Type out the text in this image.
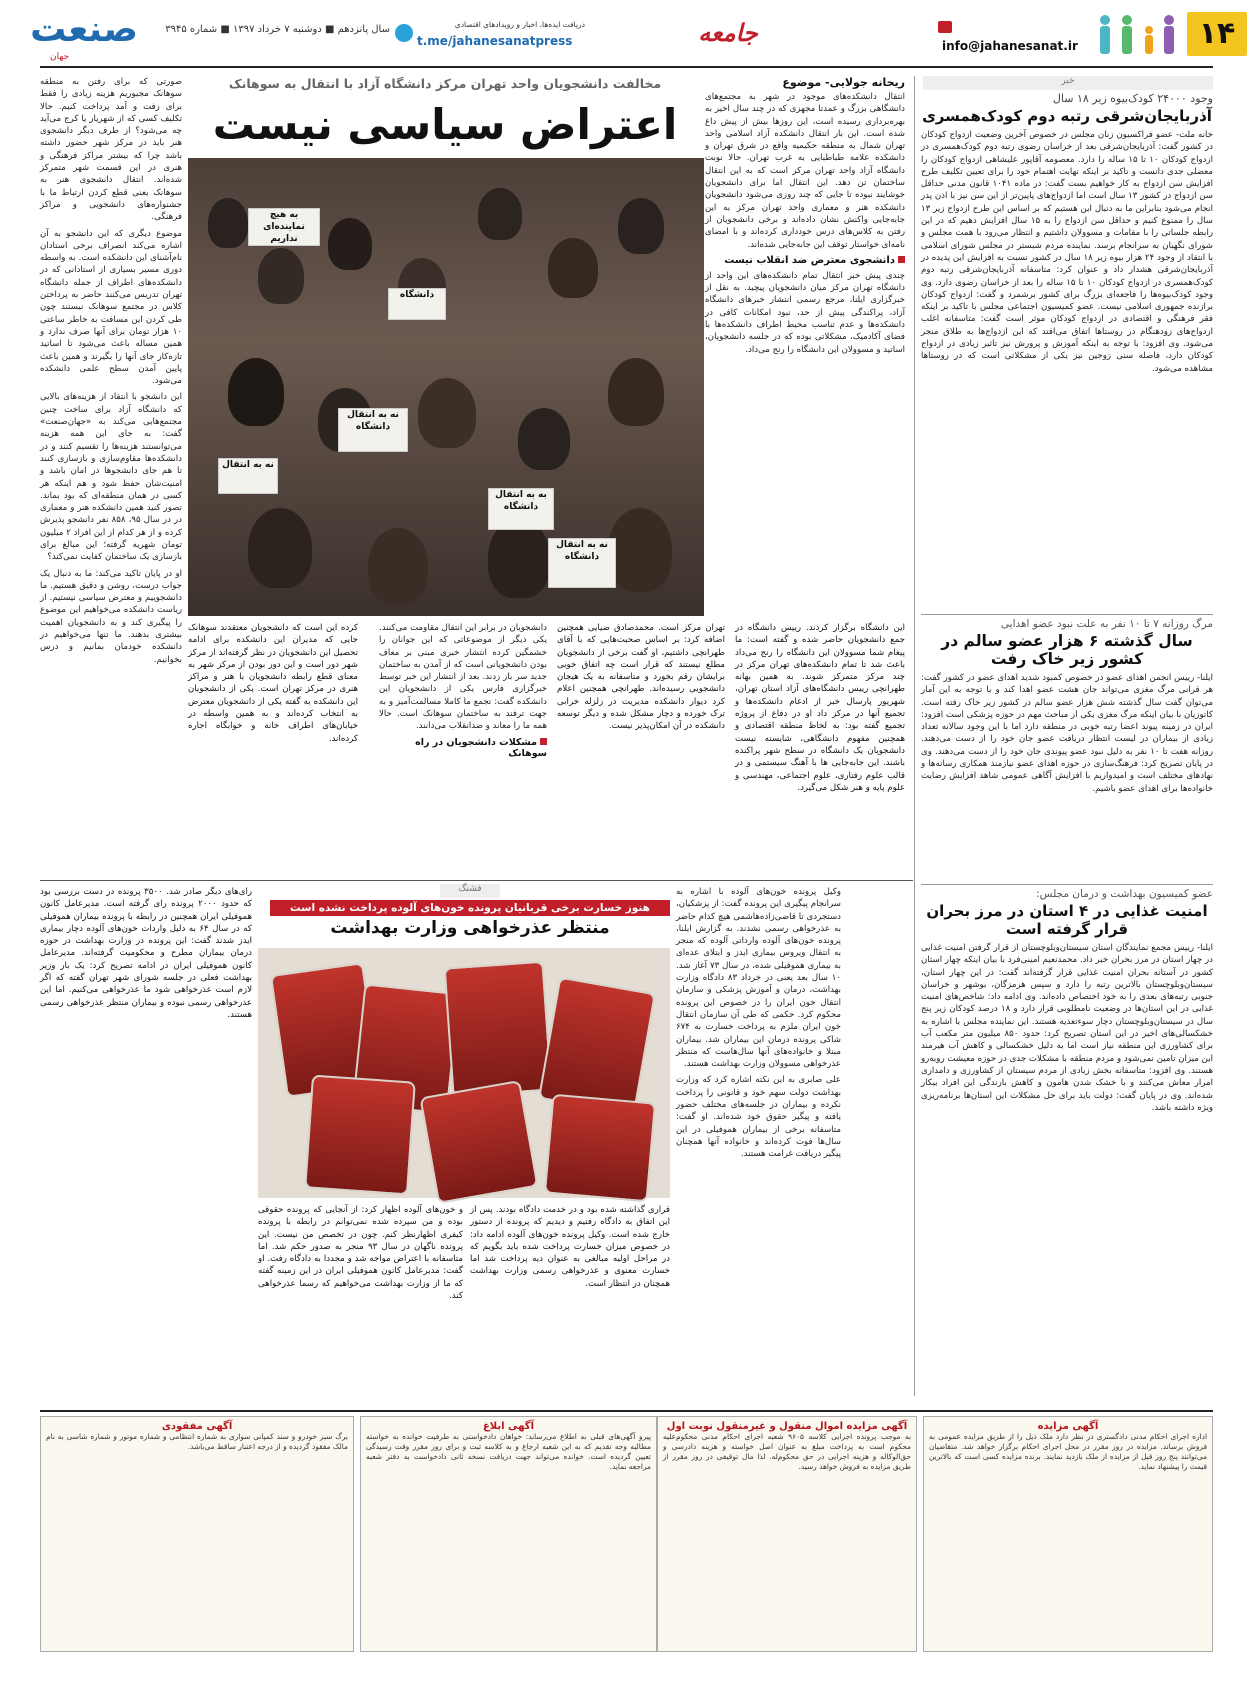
۱۴
info@jahanesanat.ir
جامعه
دریافت ایده‌ها، اخبار و رویدادهای اقتصادی
t.me/jahanesanatpress
سال پانزدهم ■ دوشنبه ۷ خرداد ۱۳۹۷ ■ شماره ۳۹۴۵
صنعت
جهان
خبر
وجود ۲۴۰۰۰ کودک‌بیوه زیر ۱۸ سال
آذربایجان‌شرقی رتبه دوم کودک‌همسری
خانه ملت- عضو فراکسیون زنان مجلس در خصوص آخرین وضعیت ازدواج کودکان در کشور گفت: آذربایجان‌شرقی بعد از خراسان رضوی رتبه دوم کودک‌همسری در ازدواج کودکان ۱۰ تا ۱۵ ساله را دارد. معصومه آقاپور علیشاهی ازدواج کودکان را معضلی جدی دانست و تاکید بر اینکه نهایت اهتمام خود را برای تعیین تکلیف طرح افزایش سن ازدواج به کار خواهیم بست گفت: در ماده ۱۰۴۱ قانون مدنی حداقل سن ازدواج در کشور ۱۳ سال است اما ازدواج‌های پایین‌تر از این سن نیز با اذن پدر انجام می‌شود بنابراین ما به دنبال این هستیم که بر اساس این طرح ازدواج زیر ۱۳ سال را ممنوع کنیم و حداقل سن ازدواج را به ۱۵ سال افزایش دهیم که در این رابطه جلساتی را با مقامات و مسوولان داشتیم و انتظار می‌رود با همت مجلس و شورای نگهبان به سرانجام برسد. نماینده مردم شبستر در مجلس شورای اسلامی با انتقاد از وجود ۲۴ هزار بیوه زیر ۱۸ سال در کشور نسبت به افزایش این پدیده در آذربایجان‌شرقی هشدار داد و عنوان کرد: متاسفانه آذربایجان‌شرقی رتبه دوم کودک‌همسری در ازدواج کودکان ۱۰ تا ۱۵ ساله را بعد از خراسان رضوی دارد. وی وجود کودک‌بیوه‌ها را فاجعه‌ای بزرگ برای کشور برشمرد و گفت: ازدواج کودکان برازنده جمهوری اسلامی نیست. عضو کمیسیون اجتماعی مجلس با تاکید بر اینکه فقر فرهنگی و اقتصادی در ازدواج کودکان موثر است گفت: متاسفانه اغلب ازدواج‌های زودهنگام در روستاها اتفاق می‌افتد که این ازدواج‌ها به طلاق منجر می‌شود. وی افزود: با توجه به اینکه آموزش و پرورش نیز تاثیر زیادی در ازدواج کودکان دارد، فاصله سنی زوجین نیز یکی از مشکلاتی است که در روستاها مشاهده می‌شود.
مرگ روزانه ۷ تا ۱۰ نفر به علت نبود عضو اهدایی
سال گذشته ۶ هزار عضو سالم در کشور زیر خاک رفت
ایلنا- رییس انجمن اهدای عضو در خصوص کمبود شدید اهدای عضو در کشور گفت: هر قرانی مرگ مغزی می‌تواند جان هشت عضو اهدا کند و با توجه به این آمار می‌توان گفت سال گذشته شش هزار عضو سالم در کشور زیر خاک رفته است. کاتوزیان با بیان اینکه مرگ مغزی یکی از مباحث مهم در حوزه پزشکی است افزود: ایران در زمینه پیوند اعضا رتبه خوبی در منطقه دارد اما با این وجود سالانه تعداد زیادی از بیماران در لیست انتظار دریافت عضو جان خود را از دست می‌دهند. روزانه هفت تا ۱۰ نفر به دلیل نبود عضو پیوندی جان خود را از دست می‌دهند. وی در پایان تصریح کرد: فرهنگ‌سازی در حوزه اهدای عضو نیازمند همکاری رسانه‌ها و نهادهای مختلف است و امیدواریم با افزایش آگاهی عمومی شاهد افزایش رضایت خانواده‌ها برای اهدای عضو باشیم.
عضو کمیسیون بهداشت و درمان مجلس:
امنیت غذایی در ۴ استان در مرز بحران قرار گرفته است
ایلنا- رییس مجمع نمایندگان استان سیستان‌وبلوچستان از قرار گرفتن امنیت غذایی در چهار استان در مرز بحران خبر داد. محمدنعیم امینی‌فرد با بیان اینکه چهار استان کشور در آستانه بحران امنیت غذایی قرار گرفته‌اند گفت: در این چهار استان، سیستان‌وبلوچستان بالاترین رتبه را دارد و سپس هرمزگان، بوشهر و خراسان جنوبی رتبه‌های بعدی را به خود اختصاص داده‌اند. وی ادامه داد: شاخص‌های امنیت غذایی در این استان‌ها در وضعیت نامطلوبی قرار دارد و ۱۸ درصد کودکان زیر پنج سال در سیستان‌وبلوچستان دچار سوءتغذیه هستند. این نماینده مجلس با اشاره به خشکسالی‌های اخیر در این استان تصریح کرد: حدود ۸۵۰ میلیون متر مکعب آب برای کشاورزی این منطقه نیاز است اما به دلیل خشکسالی و کاهش آب هیرمند این میزان تامین نمی‌شود و مردم منطقه با مشکلات جدی در حوزه معیشت روبه‌رو هستند. وی افزود: متاسفانه بخش زیادی از مردم سیستان از کشاورزی و دامداری امرار معاش می‌کنند و با خشک شدن هامون و کاهش بارندگی این افراد بیکار شده‌اند. وی در پایان گفت: دولت باید برای حل مشکلات این استان‌ها برنامه‌ریزی ویژه داشته باشد.
مخالفت دانشجویان واحد تهران مرکز دانشگاه آزاد با انتقال به سوهانک
اعتراض سیاسی نیست
ریحانه جولایی- موضوع
انتقال دانشکده‌های موجود در شهر به مجتمع‌های دانشگاهی بزرگ و عمدتا مجهزی که در چند سال اخیر به بهره‌برداری رسیده است، این روزها بیش از پیش داغ شده است. این بار انتقال دانشکده آزاد اسلامی واحد تهران شمال به منطقه حکیمیه واقع در شرق تهران و دانشکده علامه طباطبایی به غرب تهران. حالا نوبت دانشگاه آزاد واحد تهران مرکز است که به این انتقال ساختمان تن دهد. این انتقال اما برای دانشجویان خوشایند نبوده تا جایی که چند روزی می‌شود دانشجویان دانشکده هنر و معماری واحد تهران مرکز به این جابه‌جایی واکنش نشان داده‌اند و برخی دانشجویان از رفتن به کلاس‌های درس خودداری کرده‌اند و با امضای نامه‌ای خواستار توقف این جابه‌جایی شده‌اند.
دانشجوی معترض ضد انقلاب نیست
چندی پیش خبر انتقال تمام دانشکده‌های این واحد از دانشگاه تهران مرکز میان دانشجویان پیچید. به نقل از خبرگزاری ایلنا، مرجع رسمی انتشار خبرهای دانشگاه آزاد، پراکندگی پیش از حد، نبود امکانات کافی در دانشکده‌ها و عدم تناسب محیط اطراف دانشکده‌ها با فضای آکادمیک، مشکلاتی بوده که در جلسه دانشجویان، اساتید و مسوولان این دانشگاه را رنج می‌داد.
نه به انتقال دانشگاه
به هیچ نماینده‌ای نداریم
نه به انتقال
به به انتقال دانشگاه
دانشگاه
نه به انتقال دانشگاه
صورتی که برای رفتن به منطقه سوهانک مجبوریم هزینه زیادی را فقط برای رفت و آمد پرداخت کنیم. حالا تکلیف کسی که از شهریار یا کرج می‌آید چه می‌شود؟ از طرف دیگر دانشجوی هنر باید در مرکز شهر حضور داشته باشد چرا که بیشتر مراکز فرهنگی و هنری در این قسمت شهر متمرکز شده‌اند. انتقال دانشجوی هنر به سوهانک یعنی قطع کردن ارتباط ما با جشنواره‌های دانشجویی و مراکز فرهنگی.
موضوع دیگری که این دانشجو به آن اشاره می‌کند انصراف برخی استادان نام‌آشنای این دانشکده است. به واسطه دوری مسیر بسیاری از استادانی که در دانشکده‌های اطراف از جمله دانشگاه تهران تدریس می‌کنند حاضر به پرداختن کلاس در مجتمع سوهانک نیستند چون طی کردن این مسافت به خاطر ساعتی ۱۰ هزار تومان برای آنها صرف ندارد و همین مساله باعث می‌شود تا اساتید تازه‌کار جای آنها را بگیرند و همین باعث پایین آمدن سطح علمی دانشکده می‌شود.
این دانشجو با انتقاد از هزینه‌های بالایی که دانشگاه آزاد برای ساخت چنین مجتمع‌هایی می‌کند به «جهان‌صنعت» گفت: به جای این همه هزینه می‌توانستند هزینه‌ها را تقسیم کنند و در دانشکده‌ها مقاوم‌سازی و بازسازی کنند تا هم جای دانشجوها در امان باشد و امنیت‌شان حفظ شود و هم اینکه هر کسی در همان منطقه‌ای که بود بماند. تصور کنید همین دانشکده هنر و معماری در در سال ۹۵، ۸۵۸ نفر دانشجو پذیرش کرده و از هر کدام از این افراد ۲ میلیون تومان شهریه گرفته؛ این مبالغ برای بازسازی یک ساختمان کفایت نمی‌کند؟
او در پایان تاکید می‌کند: ما به دنبال یک جواب درست، روشن و دقیق هستیم. ما دانشجوییم و معترض سیاسی نیستیم. از ریاست دانشکده می‌خواهیم این موضوع را پیگیری کند و به دانشجویان اهمیت بیشتری بدهند. ما تنها می‌خواهیم در دانشکده خودمان بمانیم و درس بخوانیم.
این دانشگاه برگزار کردند. رییس دانشگاه در جمع دانشجویان حاضر شده و گفته است: ما پیغام شما مسوولان این دانشگاه را رنج می‌داد باعث شد تا تمام دانشکده‌های تهران مرکز در چند مرکز متمرکز شوند. به همین بهانه طهرانچی رییس دانشگاه‌های آزاد استان تهران، شهریور پارسال خبر از ادغام دانشکده‌ها و تجمیع آنها در مرکز داد او در دفاع از پروژه تجمیع گفته بود: به لحاظ منطقه اقتصادی و همچنین مفهوم دانشگاهی، شایسته نیست دانشجویان یک دانشگاه در سطح شهر پراکنده باشند. این جابه‌جایی ها با آهنگ سیستمی و در قالب علوم رفتاری، علوم اجتماعی، مهندسی و علوم پایه و هنر شکل می‌گیرد.
تهران مرکز است. محمدصادق ضیایی همچنین اضافه کرد: بر اساس صحبت‌هایی که با آقای طهرانچی داشتیم، او گفت برخی از دانشجویان مطلع نیستند که قرار است چه اتفاق خوبی برایشان رقم بخورد و متاسفانه به یک هیجان دانشجویی رسیده‌اند. طهرانچی همچنین اعلام کرد دیوار دانشکده مدیریت در زلزله خرابی ترک خورده و دچار مشکل شده و دیگر توسعه دانشکده در آن امکان‌پذیر نیست.
دانشجویان در برابر این انتقال مقاومت می‌کنند. یکی دیگر از موضوعاتی که این جوانان را خشمگین کرده انتشار خبری مبنی بر معاف بودن دانشجویانی است که از آمدن به ساختمان جدید سر باز زدند. بعد از انتشار این خبر توسط خبرگزاری فارس یکی از دانشجویان این دانشکده گفت: تجمع ما کاملا مسالمت‌آمیز و به جهت ترفند به ساختمان سوهانک است. حالا همه ما را معاند و ضدانقلاب می‌دانند.
مشکلات دانشجویان در راه سوهانک
کرده این است که دانشجویان معتقدند سوهانک جایی که مدیران این دانشکده برای ادامه تحصیل این دانشجویان در نظر گرفته‌اند از مرکز شهر دور است و این دور بودن از مرکز شهر به معنای قطع رابطه دانشجویان با هنر و مراکز هنری در مرکز تهران است. یکی از دانشجویان این دانشکده به گفته یکی از دانشجویان معترض به انتخاب کرده‌اند و به همین واسطه در خیابان‌های اطراف خانه و خوابگاه اجاره کرده‌اند.
فشنگ
هنوز خسارت برخی قربانیان پرونده خون‌های آلوده پرداخت نشده است
منتظر عذرخواهی وزارت بهداشت
وکیل پرونده خون‌های آلوده با اشاره به سرانجام پیگیری این پرونده گفت: از پزشکیان، دستجردی تا قاضی‌زاده‌هاشمی هیچ کدام حاضر به عذرخواهی رسمی نشدند. به گزارش ایلنا، پرونده خون‌های آلوده وارداتی آلوده که منجر به انتقال ویروس بیماری ایدز و ابتلای عده‌ای به بیماری هموفیلی شده، در سال ۷۳ آغاز شد. ۱۰ سال بعد یعنی در خرداد ۸۳ دادگاه وزارت بهداشت، درمان و آموزش پزشکی و سازمان انتقال خون ایران را در خصوص این پرونده محکوم کرد. حکمی که طی آن سازمان انتقال خون ایران ملزم به پرداخت خسارت به ۶۷۴ شاکی پرونده درمان این بیماران شد. بیماران مبتلا و خانواده‌های آنها سال‌هاست که منتظر عذرخواهی مسوولان وزارت بهداشت هستند.
علی صابری به این نکته اشاره کرد که وزارت بهداشت دولت سهم خود و قانونی را پرداخت نکرده و بیماران در جلسه‌های مختلف حضور یافته و پیگیر حقوق خود شده‌اند. او گفت: متاسفانه برخی از بیماران هموفیلی در این سال‌ها فوت کرده‌اند و خانواده آنها همچنان پیگیر دریافت غرامت هستند.
قراری گذاشته شده بود و در خدمت دادگاه بودند. پس از این اتفاق به دادگاه رفتیم و دیدیم که پرونده از دستور خارج شده است. وکیل پرونده خون‌های آلوده ادامه داد: در خصوص میزان خسارت پرداخت شده باید بگویم که در مراحل اولیه مبالغی به عنوان دیه پرداخت شد اما خسارت معنوی و عذرخواهی رسمی وزارت بهداشت همچنان در انتظار است.
و خون‌های آلوده اظهار کرد: از آنجایی که پرونده حقوقی بوده و من سپرده شده نمی‌توانم در رابطه با پرونده کیفری اظهارنظر کنم. چون در تخصص من نیست. این پرونده ناگهان در سال ۹۳ منجر به صدور حکم شد. اما متاسفانه با اعتراض مواجه شد و مجددا به دادگاه رفت. او گفت: مدیرعامل کانون هموفیلی ایران در این زمینه گفته که ما از وزارت بهداشت می‌خواهیم که رسما عذرخواهی کند.
رای‌های دیگر صادر شد. ۳۵۰۰ پرونده در دست بررسی بود که حدود ۲۰۰۰ پرونده رای گرفته است. مدیرعامل کانون هموفیلی ایران همچنین در رابطه با پرونده بیماران هموفیلی که در سال ۶۴ به دلیل واردات خون‌های آلوده دچار بیماری ایدز شدند گفت: این پرونده در وزارت بهداشت در حوزه درمان بیماران مطرح و محکومیت گرفته‌اند. مدیرعامل کانون هموفیلی ایران در ادامه تصریح کرد: یک بار وزیر بهداشت فعلی در جلسه شورای شهر تهران گفته که اگر لازم است عذرخواهی شود ما عذرخواهی می‌کنیم. اما این عذرخواهی رسمی نبوده و بیماران منتظر عذرخواهی رسمی هستند.
آگهی مزایده
اداره اجرای احکام مدنی دادگستری در نظر دارد ملک ذیل را از طریق مزایده عمومی به فروش برساند. مزایده در روز مقرر در محل اجرای احکام برگزار خواهد شد. متقاضیان می‌توانند پنج روز قبل از مزایده از ملک بازدید نمایند. برنده مزایده کسی است که بالاترین قیمت را پیشنهاد نماید.
آگهی مزایده اموال منقول و غیرمنقول نوبت اول
به موجب پرونده اجرایی کلاسه ۹۶۰۵ شعبه اجرای احکام مدنی محکوم‌علیه محکوم است به پرداخت مبلغ به عنوان اصل خواسته و هزینه دادرسی و حق‌الوکاله و هزینه اجرایی در حق محکوم‌له. لذا مال توقیفی در روز مقرر از طریق مزایده به فروش خواهد رسید.
آگهی ابلاغ
پیرو آگهی‌های قبلی به اطلاع می‌رساند: خواهان دادخواستی به طرفیت خوانده به خواسته مطالبه وجه تقدیم که به این شعبه ارجاع و به کلاسه ثبت و برای روز مقرر وقت رسیدگی تعیین گردیده است. خوانده می‌تواند جهت دریافت نسخه ثانی دادخواست به دفتر شعبه مراجعه نماید.
آگهی مفقودی
برگ سبز خودرو و سند کمپانی سواری به شماره انتظامی و شماره موتور و شماره شاسی به نام مالک مفقود گردیده و از درجه اعتبار ساقط می‌باشد.
